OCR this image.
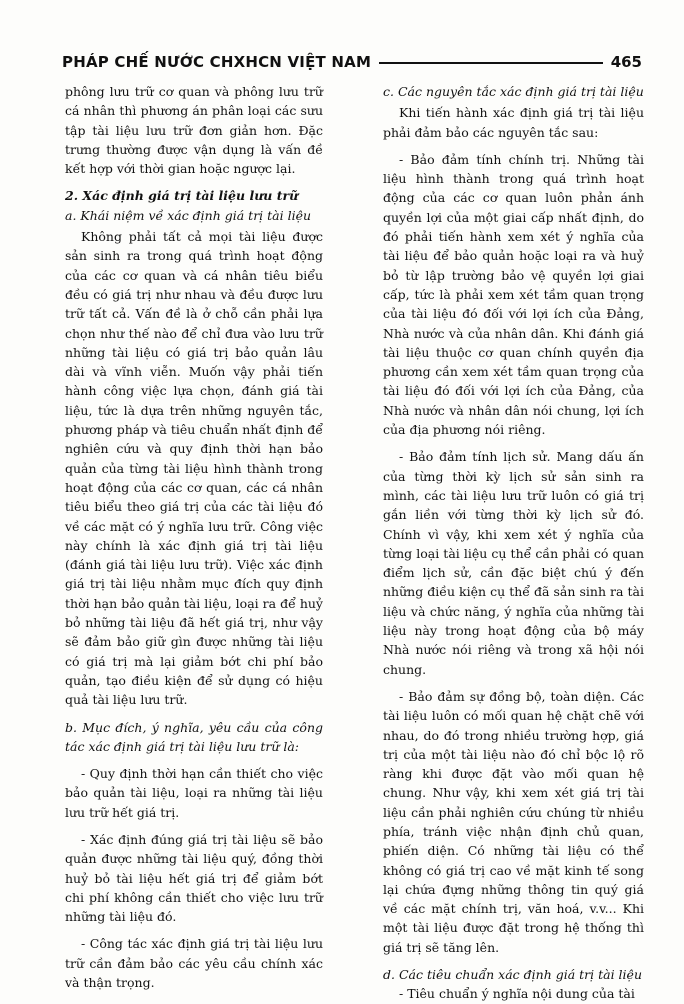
PHÁP CHẾ NƯỚC CHXHCN VIỆT NAM	465

phông lưu trữ cơ quan và phông lưu trữ cá nhân thì phương án phân loại các sưu tập tài liệu lưu trữ đơn giản hơn. Đặc trưng thường được vận dụng là vấn đề kết hợp với thời gian hoặc ngược lại.

2. Xác định giá trị tài liệu lưu trữ

a. Khái niệm về xác định giá trị tài liệu

Không phải tất cả mọi tài liệu được sản sinh ra trong quá trình hoạt động của các cơ quan và cá nhân tiêu biểu đều có giá trị như nhau và đều được lưu trữ tất cả. Vấn đề là ở chỗ cần phải lựa chọn như thế nào để chỉ đưa vào lưu trữ những tài liệu có giá trị bảo quản lâu dài và vĩnh viễn. Muốn vậy phải tiến hành công việc lựa chọn, đánh giá tài liệu, tức là dựa trên những nguyên tắc, phương pháp và tiêu chuẩn nhất định để nghiên cứu và quy định thời hạn bảo quản của từng tài liệu hình thành trong hoạt động của các cơ quan, các cá nhân tiêu biểu theo giá trị của các tài liệu đó về các mặt có ý nghĩa lưu trữ. Công việc này chính là xác định giá trị tài liệu (đánh giá tài liệu lưu trữ). Việc xác định giá trị tài liệu nhằm mục đích quy định thời hạn bảo quản tài liệu, loại ra để huỷ bỏ những tài liệu đã hết giá trị, như vậy sẽ đảm bảo giữ gìn được những tài liệu có giá trị mà lại giảm bớt chi phí bảo quản, tạo điều kiện để sử dụng có hiệu quả tài liệu lưu trữ.

b. Mục đích, ý nghĩa, yêu cầu của công tác xác định giá trị tài liệu lưu trữ là:

- Quy định thời hạn cần thiết cho việc bảo quản tài liệu, loại ra những tài liệu lưu trữ hết giá trị.

- Xác định đúng giá trị tài liệu sẽ bảo quản được những tài liệu quý, đồng thời huỷ bỏ tài liệu hết giá trị để giảm bớt chi phí không cần thiết cho việc lưu trữ những tài liệu đó.

- Công tác xác định giá trị tài liệu lưu trữ cần đảm bảo các yêu cầu chính xác và thận trọng.

c. Các nguyên tắc xác định giá trị tài liệu

Khi tiến hành xác định giá trị tài liệu phải đảm bảo các nguyên tắc sau:

- Bảo đảm tính chính trị. Những tài liệu hình thành trong quá trình hoạt động của các cơ quan luôn phản ánh quyền lợi của một giai cấp nhất định, do đó phải tiến hành xem xét ý nghĩa của tài liệu để bảo quản hoặc loại ra và huỷ bỏ từ lập trường bảo vệ quyền lợi giai cấp, tức là phải xem xét tầm quan trọng của tài liệu đó đối với lợi ích của Đảng, Nhà nước và của nhân dân. Khi đánh giá tài liệu thuộc cơ quan chính quyền địa phương cần xem xét tầm quan trọng của tài liệu đó đối với lợi ích của Đảng, của Nhà nước và nhân dân nói chung, lợi ích của địa phương nói riêng.

- Bảo đảm tính lịch sử. Mang dấu ấn của từng thời kỳ lịch sử sản sinh ra mình, các tài liệu lưu trữ luôn có giá trị gắn liền với từng thời kỳ lịch sử đó. Chính vì vậy, khi xem xét ý nghĩa của từng loại tài liệu cụ thể cần phải có quan điểm lịch sử, cần đặc biệt chú ý đến những điều kiện cụ thể đã sản sinh ra tài liệu và chức năng, ý nghĩa của những tài liệu này trong hoạt động của bộ máy Nhà nước nói riêng và trong xã hội nói chung.

- Bảo đảm sự đồng bộ, toàn diện. Các tài liệu luôn có mối quan hệ chặt chẽ với nhau, do đó trong nhiều trường hợp, giá trị của một tài liệu nào đó chỉ bộc lộ rõ ràng khi được đặt vào mối quan hệ chung. Như vậy, khi xem xét giá trị tài liệu cần phải nghiên cứu chúng từ nhiều phía, tránh việc nhận định chủ quan, phiến diện. Có những tài liệu có thể không có giá trị cao về mặt kinh tế song lại chứa đựng những thông tin quý giá về các mặt chính trị, văn hoá, v.v... Khi một tài liệu được đặt trong hệ thống thì giá trị sẽ tăng lên.

d. Các tiêu chuẩn xác định giá trị tài liệu

- Tiêu chuẩn ý nghĩa nội dung của tài
